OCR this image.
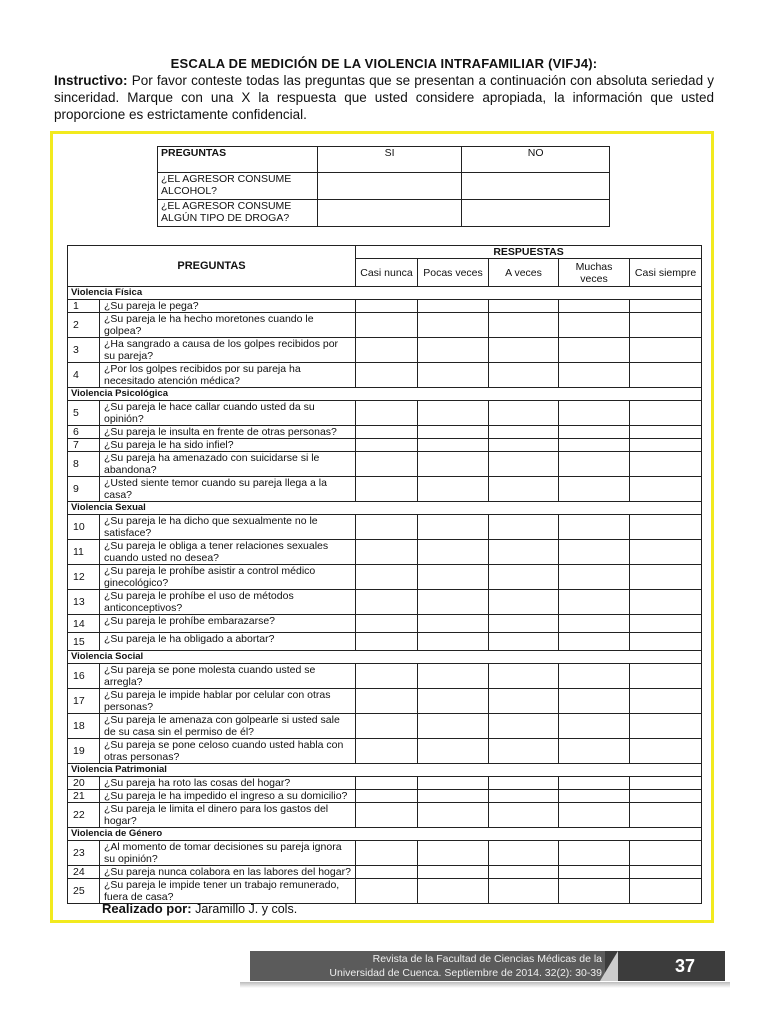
ESCALA DE MEDICIÓN DE LA VIOLENCIA INTRAFAMILIAR (VIFJ4):
Instructivo: Por favor conteste todas las preguntas que se presentan a continuación con absoluta seriedad y sinceridad. Marque con una X la respuesta que usted considere apropiada, la información que usted proporcione es estrictamente confidencial.
PREGUNTAS	SI	NO
¿EL AGRESOR CONSUME ALCOHOL?		
¿EL AGRESOR CONSUME ALGÚN TIPO DE DROGA?		
PREGUNTAS		RESPUESTAS				
		Casi nunca	Pocas veces	A veces	Muchas veces	Casi siempre
Violencia Física						
1	¿Su pareja le pega?					
2	¿Su pareja le ha hecho moretones cuando le golpea?					
3	¿Ha sangrado a causa de los golpes recibidos por su pareja?					
4	¿Por los golpes recibidos por su pareja ha necesitado atención médica?					
Violencia Psicológica						
5	¿Su pareja le hace callar cuando usted da su opinión?					
6	¿Su pareja le insulta en frente de otras personas?					
7	¿Su pareja le ha sido infiel?					
8	¿Su pareja ha amenazado con suicidarse si le abandona?					
9	¿Usted siente temor cuando su pareja llega a la casa?					
Violencia Sexual						
10	¿Su pareja le ha dicho que sexualmente no le satisface?					
11	¿Su pareja le obliga a tener relaciones sexuales cuando usted no desea?					
12	¿Su pareja le prohíbe asistir a control médico ginecológico?					
13	¿Su pareja le prohíbe el uso de métodos anticonceptivos?					
14	¿Su pareja le prohíbe embarazarse?					
15	¿Su pareja le ha obligado a abortar?					
Violencia Social						
16	¿Su pareja se pone molesta cuando usted se arregla?					
17	¿Su pareja le impide hablar por celular con otras personas?					
18	¿Su pareja le amenaza con golpearle si usted sale de su casa sin el permiso de él?					
19	¿Su pareja se pone celoso cuando usted habla con otras personas?					
Violencia Patrimonial						
20	¿Su pareja ha roto las cosas del hogar?					
21	¿Su pareja le ha impedido el ingreso a su domicilio?					
22	¿Su pareja le limita el dinero para los gastos del hogar?					
Violencia de Género						
23	¿Al momento de tomar decisiones su pareja ignora su opinión?					
24	¿Su pareja nunca colabora en las labores del hogar?					
25	¿Su pareja le impide tener un trabajo remunerado, fuera de casa?					
Realizado por: Jaramillo J. y cols.
Revista de la Facultad de Ciencias Médicas de la
Universidad de Cuenca. Septiembre de 2014. 32(2): 30-39	37
